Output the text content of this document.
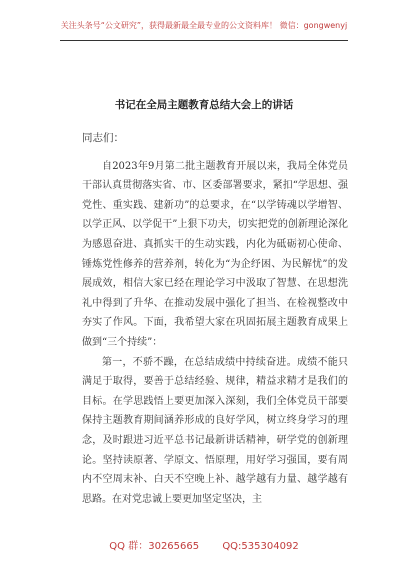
关注头条号“公文研究”，获得最新最全最专业的公文资料库！ 微信：gongwenyj
书记在全局主题教育总结大会上的讲话
同志们：

自2023年9月第二批主题教育开展以来，我局全体党员干部认真贯彻落实省、市、区委部署要求，紧扣“学思想、强党性、重实践、建新功”的总要求，在“以学铸魂以学增智、以学正风、以学促干”上狠下功夫，切实把党的创新理论深化为感恩奋进、真抓实干的生动实践，内化为砥砺初心使命、锤炼党性修养的营养剂，转化为“为企纾困、为民解忧”的发展成效，相信大家已经在理论学习中汲取了智慧、在思想洗礼中得到了升华、在推动发展中强化了担当、在检视整改中夯实了作风。下面，我希望大家在巩固拓展主题教育成果上做到“三个持续”：

第一，不骄不躁，在总结成绩中持续奋进。成绩不能只满足于取得，要善于总结经验、规律，精益求精才是我们的目标。在学思践悟上要更加深入深刻，我们全体党员干部要保持主题教育期间涵养形成的良好学风，树立终身学习的理念，及时跟进习近平总书记最新讲话精神，研学党的创新理论。坚持读原著、学原文、悟原理，用好学习强国，要有周内不空周末补、白天不空晚上补、越学越有力量、越学越有思路。在对党忠诚上要更加坚定坚决，主

QQ 群：30265665 QQ:535304092
